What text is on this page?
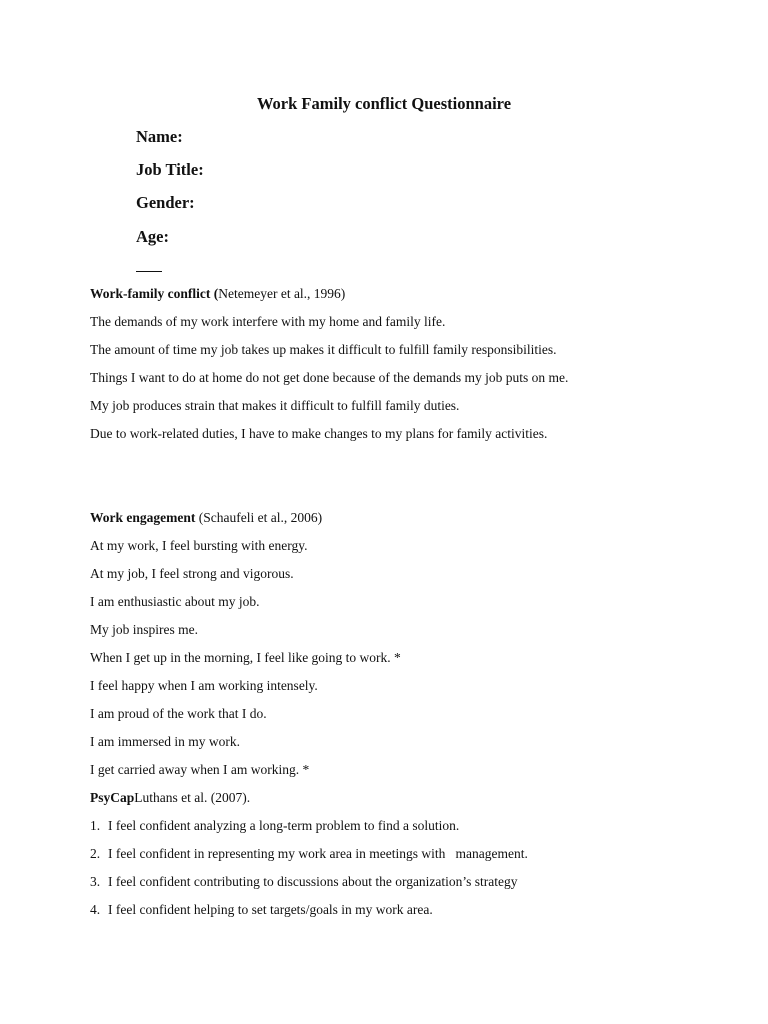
Work Family conflict Questionnaire
Name:
Job Title:
Gender:
Age:
Work-family conflict (Netemeyer et al., 1996)
The demands of my work interfere with my home and family life.
The amount of time my job takes up makes it difficult to fulfill family responsibilities.
Things I want to do at home do not get done because of the demands my job puts on me.
My job produces strain that makes it difficult to fulfill family duties.
Due to work-related duties, I have to make changes to my plans for family activities.
Work engagement (Schaufeli et al., 2006)
At my work, I feel bursting with energy.
At my job, I feel strong and vigorous.
I am enthusiastic about my job.
My job inspires me.
When I get up in the morning, I feel like going to work. *
I feel happy when I am working intensely.
I am proud of the work that I do.
I am immersed in my work.
I get carried away when I am working. *
PsyCapLuthans et al. (2007).
1. I feel confident analyzing a long-term problem to find a solution.
2. I feel confident in representing my work area in meetings with   management.
3. I feel confident contributing to discussions about the organization’s strategy
4. I feel confident helping to set targets/goals in my work area.
